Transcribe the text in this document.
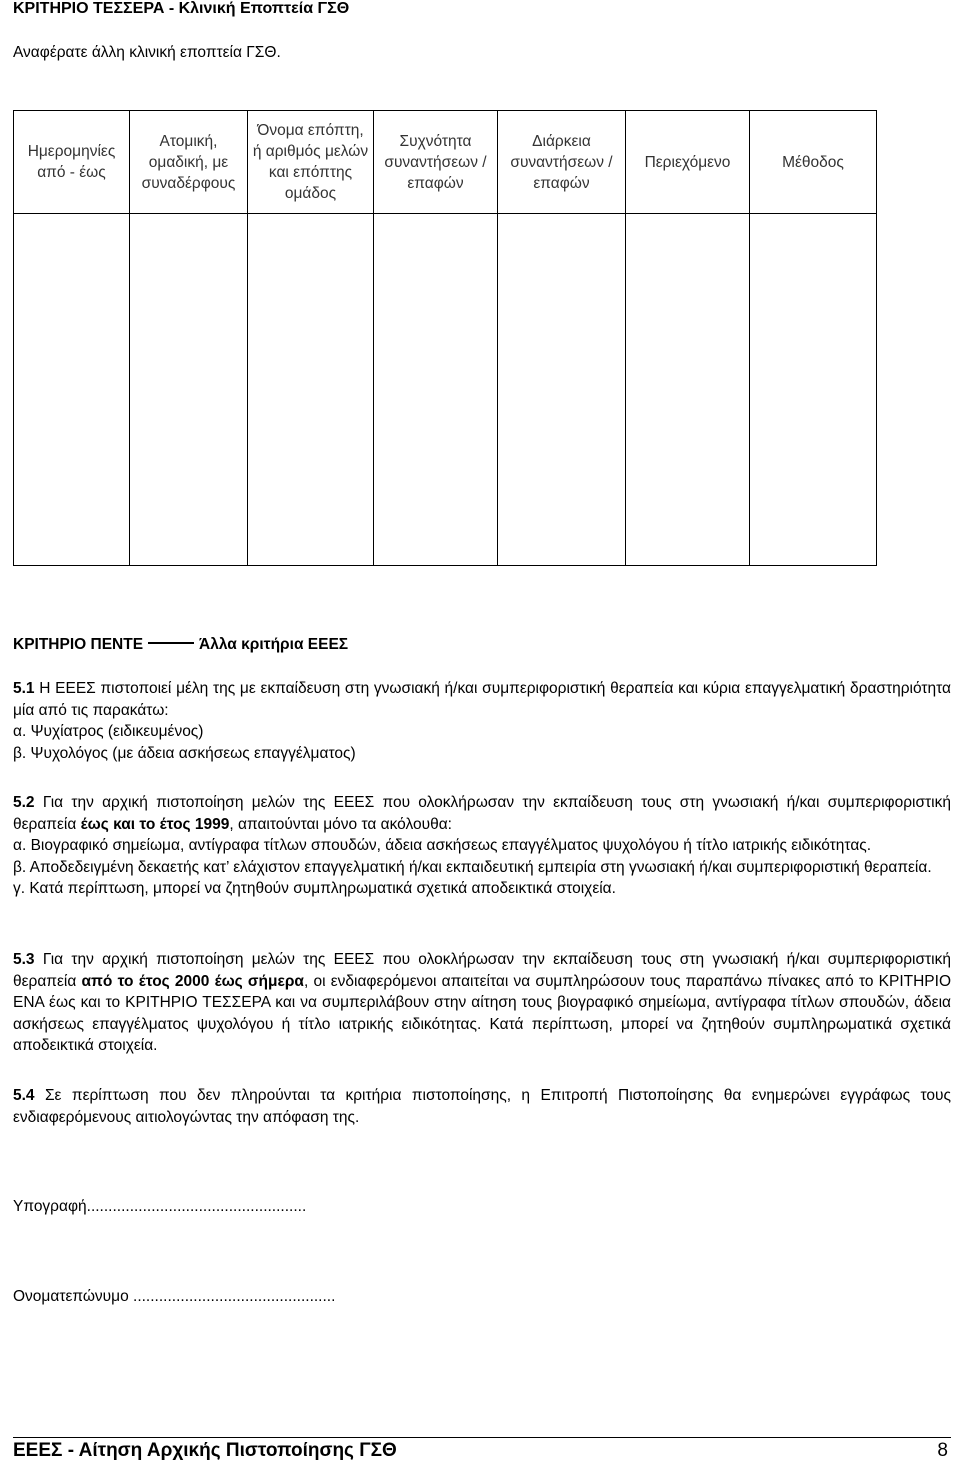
ΚΡΙΤΗΡΙΟ ΤΕΣΣΕΡΑ - Κλινική Εποπτεία ΓΣΘ
Αναφέρατε άλλη κλινική εποπτεία ΓΣΘ.
Ημερομηνίες από - έως	Ατομική, ομαδική, με συναδέρφους	Όνομα επόπτη, ή αριθμός μελών και επόπτης ομάδος	Συχνότητα συναντήσεων / επαφών	Διάρκεια συναντήσεων / επαφών	Περιεχόμενο	Μέθοδος

ΚΡΙΤΗΡΙΟ ΠΕΝΤΕ	Άλλα κριτήρια ΕΕΕΣ

5.1 Η ΕΕΕΣ πιστοποιεί μέλη της με εκπαίδευση στη γνωσιακή ή/και συμπεριφοριστική θεραπεία και κύρια επαγγελματική δραστηριότητα μία από τις παρακάτω:

α. Ψυχίατρος (ειδικευμένος)

β. Ψυχολόγος (με άδεια ασκήσεως επαγγέλματος)

5.2 Για την αρχική πιστοποίηση μελών της ΕΕΕΣ που ολοκλήρωσαν την εκπαίδευση τους στη γνωσιακή ή/και συμπεριφοριστική θεραπεία έως και το έτος 1999, απαιτούνται μόνο τα ακόλουθα:

α. Βιογραφικό σημείωμα, αντίγραφα τίτλων σπουδών, άδεια ασκήσεως επαγγέλματος ψυχολόγου ή τίτλο ιατρικής ειδικότητας.

β. Αποδεδειγμένη δεκαετής κατ’ ελάχιστον επαγγελματική ή/και εκπαιδευτική εμπειρία στη γνωσιακή ή/και συμπεριφοριστική θεραπεία.

γ. Κατά περίπτωση, μπορεί να ζητηθούν συμπληρωματικά σχετικά αποδεικτικά στοιχεία.

5.3 Για την αρχική πιστοποίηση μελών της ΕΕΕΣ που ολοκλήρωσαν την εκπαίδευση τους στη γνωσιακή ή/και συμπεριφοριστική θεραπεία από το έτος 2000 έως σήμερα, οι ενδιαφερόμενοι απαιτείται να συμπληρώσουν τους παραπάνω πίνακες από το ΚΡΙΤΗΡΙΟ ΕΝΑ έως και το ΚΡΙΤΗΡΙΟ ΤΕΣΣΕΡΑ και να συμπεριλάβουν στην αίτηση τους βιογραφικό σημείωμα, αντίγραφα τίτλων σπουδών, άδεια ασκήσεως επαγγέλματος ψυχολόγου ή τίτλο ιατρικής ειδικότητας. Κατά περίπτωση, μπορεί να ζητηθούν συμπληρωματικά σχετικά αποδεικτικά στοιχεία.

5.4 Σε περίπτωση που δεν πληρούνται τα κριτήρια πιστοποίησης, η Επιτροπή Πιστοποίησης θα ενημερώνει εγγράφως τους ενδιαφερόμενους αιτιολογώντας την απόφαση της.

Υπογραφή...................................................
Ονοματεπώνυμο ...............................................
ΕΕΕΣ - Αίτηση Αρχικής Πιστοποίησης ΓΣΘ	8
